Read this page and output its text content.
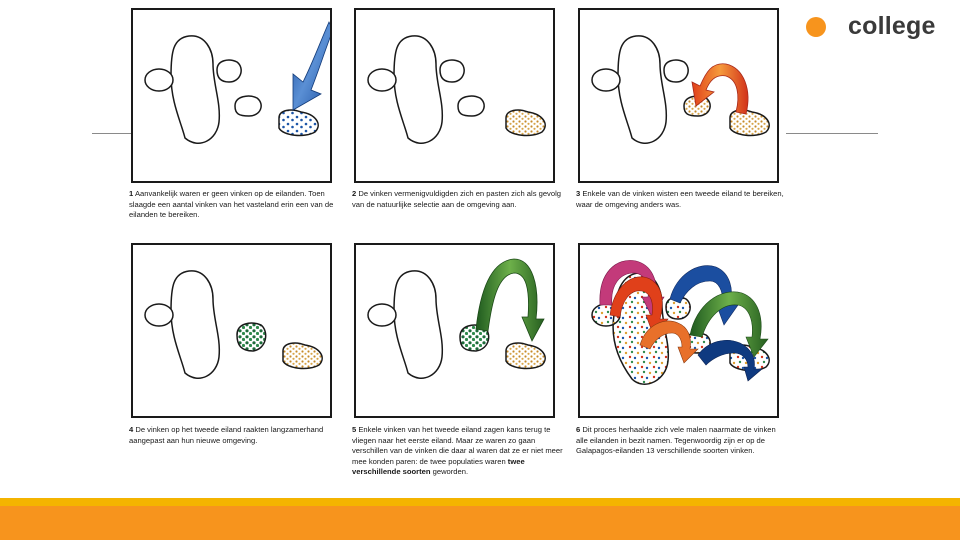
college
1 Aanvankelijk waren er geen vinken op de eilanden. Toen slaagde een aantal vinken van het vasteland erin een van de eilanden te bereiken.
2 De vinken vermenigvuldigden zich en pasten zich als gevolg van de natuurlijke selectie aan de omgeving aan.
3 Enkele van de vinken wisten een tweede eiland te bereiken, waar de omgeving anders was.
4 De vinken op het tweede eiland raakten langzamerhand aangepast aan hun nieuwe omgeving.
5 Enkele vinken van het tweede eiland zagen kans terug te vliegen naar het eerste eiland. Maar ze waren zo gaan verschillen van de vinken die daar al waren dat ze er niet meer mee konden paren: de twee populaties waren twee verschillende soorten geworden.
6 Dit proces herhaalde zich vele malen naarmate de vinken alle eilanden in bezit namen. Tegenwoordig zijn er op de Galapagos-eilanden 13 verschillende soorten vinken.
